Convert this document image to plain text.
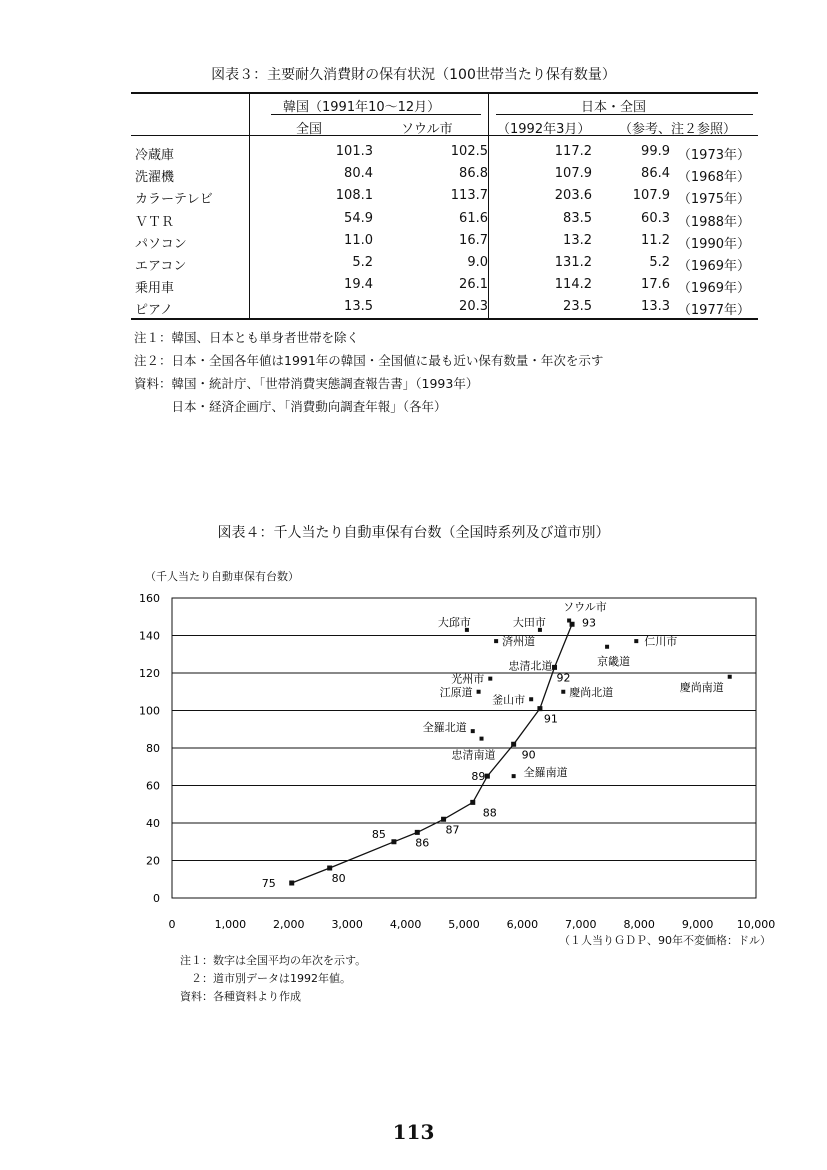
図表３：主要耐久消費財の保有状況（100世帯当たり保有数量）
韓国（1991年10～12月）
全国	ソウル市
日本・全国
（1992年3月） （参考、注２参照）
冷蔵庫	101.3	102.5	117.2	99.9 （1973年）
洗濯機	80.4	86.8	107.9	86.4 （1968年）
カラーテレビ	108.1	113.7	203.6	107.9 （1975年）
ＶＴＲ	54.9	61.6	83.5	60.3 （1988年）
パソコン	11.0	16.7	13.2	11.2 （1990年）
エアコン	5.2	9.0	131.2	5.2 （1969年）
乗用車	19.4	26.1	114.2	17.6 （1969年）
ピアノ	13.5	20.3	23.5	13.3 （1977年）
注１：韓国、日本とも単身者世帯を除く
注２：日本・全国各年値は1991年の韓国・全国値に最も近い保有数量・年次を示す
資料：韓国・統計庁、「世帯消費実態調査報告書」（1993年）
　　　日本・経済企画庁、「消費動向調査年報」（各年）
図表４：千人当たり自動車保有台数（全国時系列及び道市別）
（千人当たり自動車保有台数）
0
20
40
60
80
100
120
140
160
0	1,000 2,000 3,000 4,000 5,000 6,000 7,000 8,000 9,000 10,000
75	80
85
86
87
88
89
90
91
92
93
ソウル市
大邱市	大田市
済州道	仁川市
京畿道
忠清北道
光州市
慶尚南道
江原道
釜山市
慶尚北道
全羅北道
忠清南道
全羅南道
（１人当りＧＤＰ、90年不変価格：ドル）
注１：数字は全国平均の年次を示す。
　２：道市別データは1992年値。
資料：各種資料より作成
113
